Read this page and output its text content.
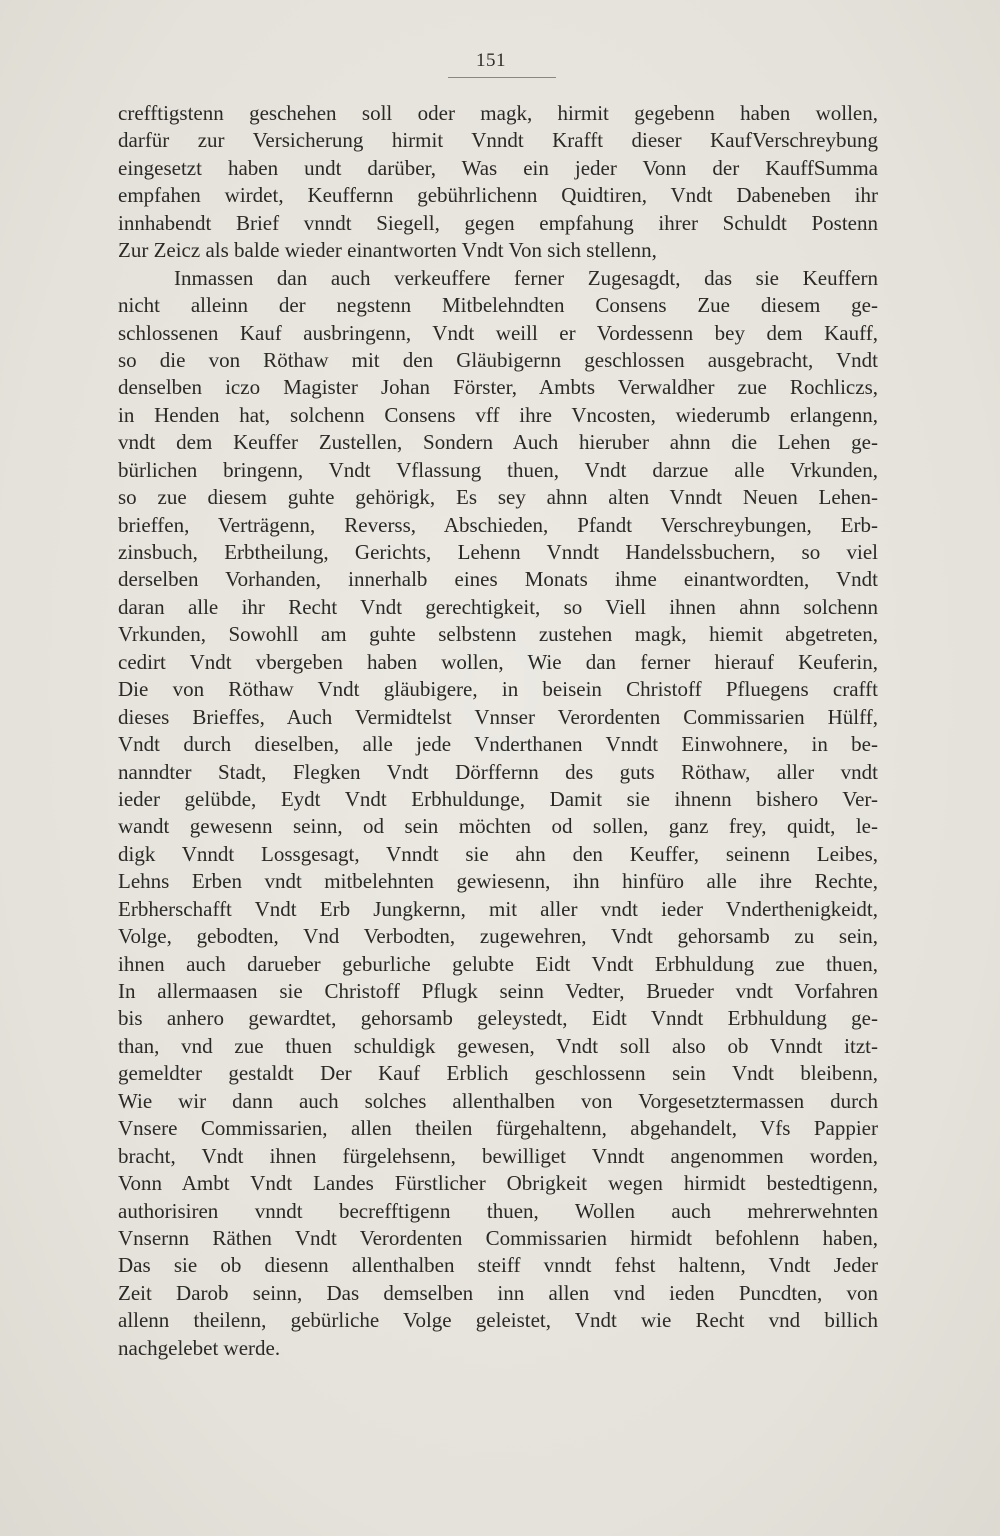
151
crefftigstenn geschehen soll oder magk, hirmit gegebenn haben wollen,
darfür zur Versicherung hirmit Vnndt Krafft dieser KaufVerschreybung
eingesetzt haben undt darüber, Was ein jeder Vonn der KauffSumma
empfahen wirdet, Keuffernn gebührlichenn Quidtiren, Vndt Dabeneben ihr
innhabendt Brief vnndt Siegell, gegen empfahung ihrer Schuldt Postenn
Zur Zeicz als balde wieder einantworten Vndt Von sich stellenn,
Inmassen dan auch verkeuffere ferner Zugesagdt, das sie Keuffern
nicht alleinn der negstenn Mitbelehndten Consens Zue diesem ge-
schlossenen Kauf ausbringenn, Vndt weill er Vordessenn bey dem Kauff,
so die von Röthaw mit den Gläubigernn geschlossen ausgebracht, Vndt
denselben iczo Magister Johan Förster, Ambts Verwaldher zue Rochliczs,
in Henden hat, solchenn Consens vff ihre Vncosten, wiederumb erlangenn,
vndt dem Keuffer Zustellen, Sondern Auch hieruber ahnn die Lehen ge-
bürlichen bringenn, Vndt Vflassung thuen, Vndt darzue alle Vrkunden,
so zue diesem guhte gehörigk, Es sey ahnn alten Vnndt Neuen Lehen-
brieffen, Verträgenn, Reverss, Abschieden, Pfandt Verschreybungen, Erb-
zinsbuch, Erbtheilung, Gerichts, Lehenn Vnndt Handelssbuchern, so viel
derselben Vorhanden, innerhalb eines Monats ihme einantwordten, Vndt
daran alle ihr Recht Vndt gerechtigkeit, so Viell ihnen ahnn solchenn
Vrkunden, Sowohll am guhte selbstenn zustehen magk, hiemit abgetreten,
cedirt Vndt vbergeben haben wollen, Wie dan ferner hierauf Keuferin,
Die von Röthaw Vndt gläubigere, in beisein Christoff Pfluegens crafft
dieses Brieffes, Auch Vermidtelst Vnnser Verordenten Commissarien Hülff,
Vndt durch dieselben, alle jede Vnderthanen Vnndt Einwohnere, in be-
nanndter Stadt, Flegken Vndt Dörffernn des guts Röthaw, aller vndt
ieder gelübde, Eydt Vndt Erbhuldunge, Damit sie ihnenn bishero Ver-
wandt gewesenn seinn, od sein möchten od sollen, ganz frey, quidt, le-
digk Vnndt Lossgesagt, Vnndt sie ahn den Keuffer, seinenn Leibes,
Lehns Erben vndt mitbelehnten gewiesenn, ihn hinfüro alle ihre Rechte,
Erbherschafft Vndt Erb Jungkernn, mit aller vndt ieder Vnderthenigkeidt,
Volge, gebodten, Vnd Verbodten, zugewehren, Vndt gehorsamb zu sein,
ihnen auch darueber geburliche gelubte Eidt Vndt Erbhuldung zue thuen,
In allermaasen sie Christoff Pflugk seinn Vedter, Brueder vndt Vorfahren
bis anhero gewardtet, gehorsamb geleystedt, Eidt Vnndt Erbhuldung ge-
than, vnd zue thuen schuldigk gewesen, Vndt soll also ob Vnndt itzt-
gemeldter gestaldt Der Kauf Erblich geschlossenn sein Vndt bleibenn,
Wie wir dann auch solches allenthalben von Vorgesetztermassen durch
Vnsere Commissarien, allen theilen fürgehaltenn, abgehandelt, Vfs Pappier
bracht, Vndt ihnen fürgelehsenn, bewilliget Vnndt angenommen worden,
Vonn Ambt Vndt Landes Fürstlicher Obrigkeit wegen hirmidt bestedtigenn,
authorisiren vnndt becrefftigenn thuen, Wollen auch mehrerwehnten
Vnsernn Räthen Vndt Verordenten Commissarien hirmidt befohlenn haben,
Das sie ob diesenn allenthalben steiff vnndt fehst haltenn, Vndt Jeder
Zeit Darob seinn, Das demselben inn allen vnd ieden Puncdten, von
allenn theilenn, gebürliche Volge geleistet, Vndt wie Recht vnd billich
nachgelebet werde.
